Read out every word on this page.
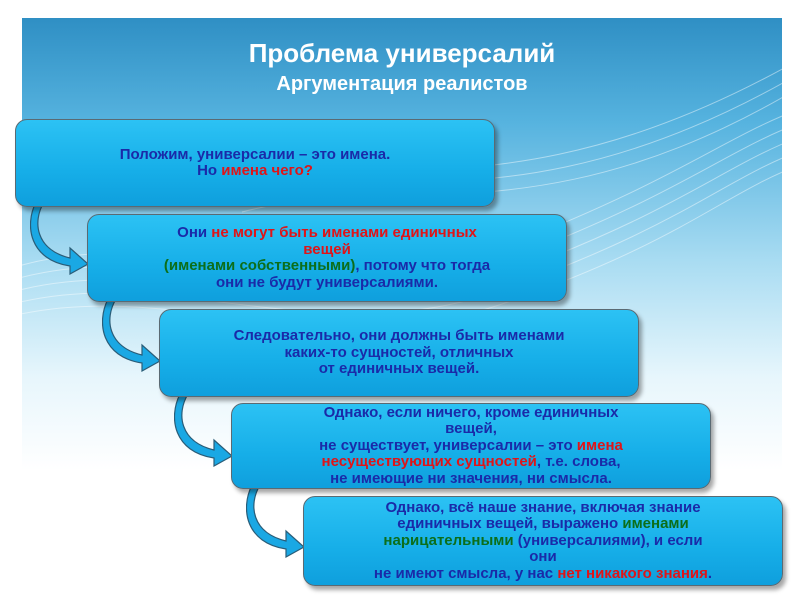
Проблема универсалий
Аргументация реалистов
Положим, универсалии – это имена.
Но имена чего?
Они не могут быть именами единичных
вещей
(именами собственными), потому что тогда
они не будут универсалиями.
Следовательно, они должны быть именами
каких-то сущностей, отличных
от единичных вещей.
Однако, если ничего, кроме единичных
вещей,
не существует, универсалии – это имена
несуществующих сущностей, т.е. слова,
не имеющие ни значения, ни смысла.
Однако, всё наше знание, включая знание
единичных вещей, выражено именами
нарицательными (универсалиями), и если
они
не имеют смысла, у нас нет никакого знания.
